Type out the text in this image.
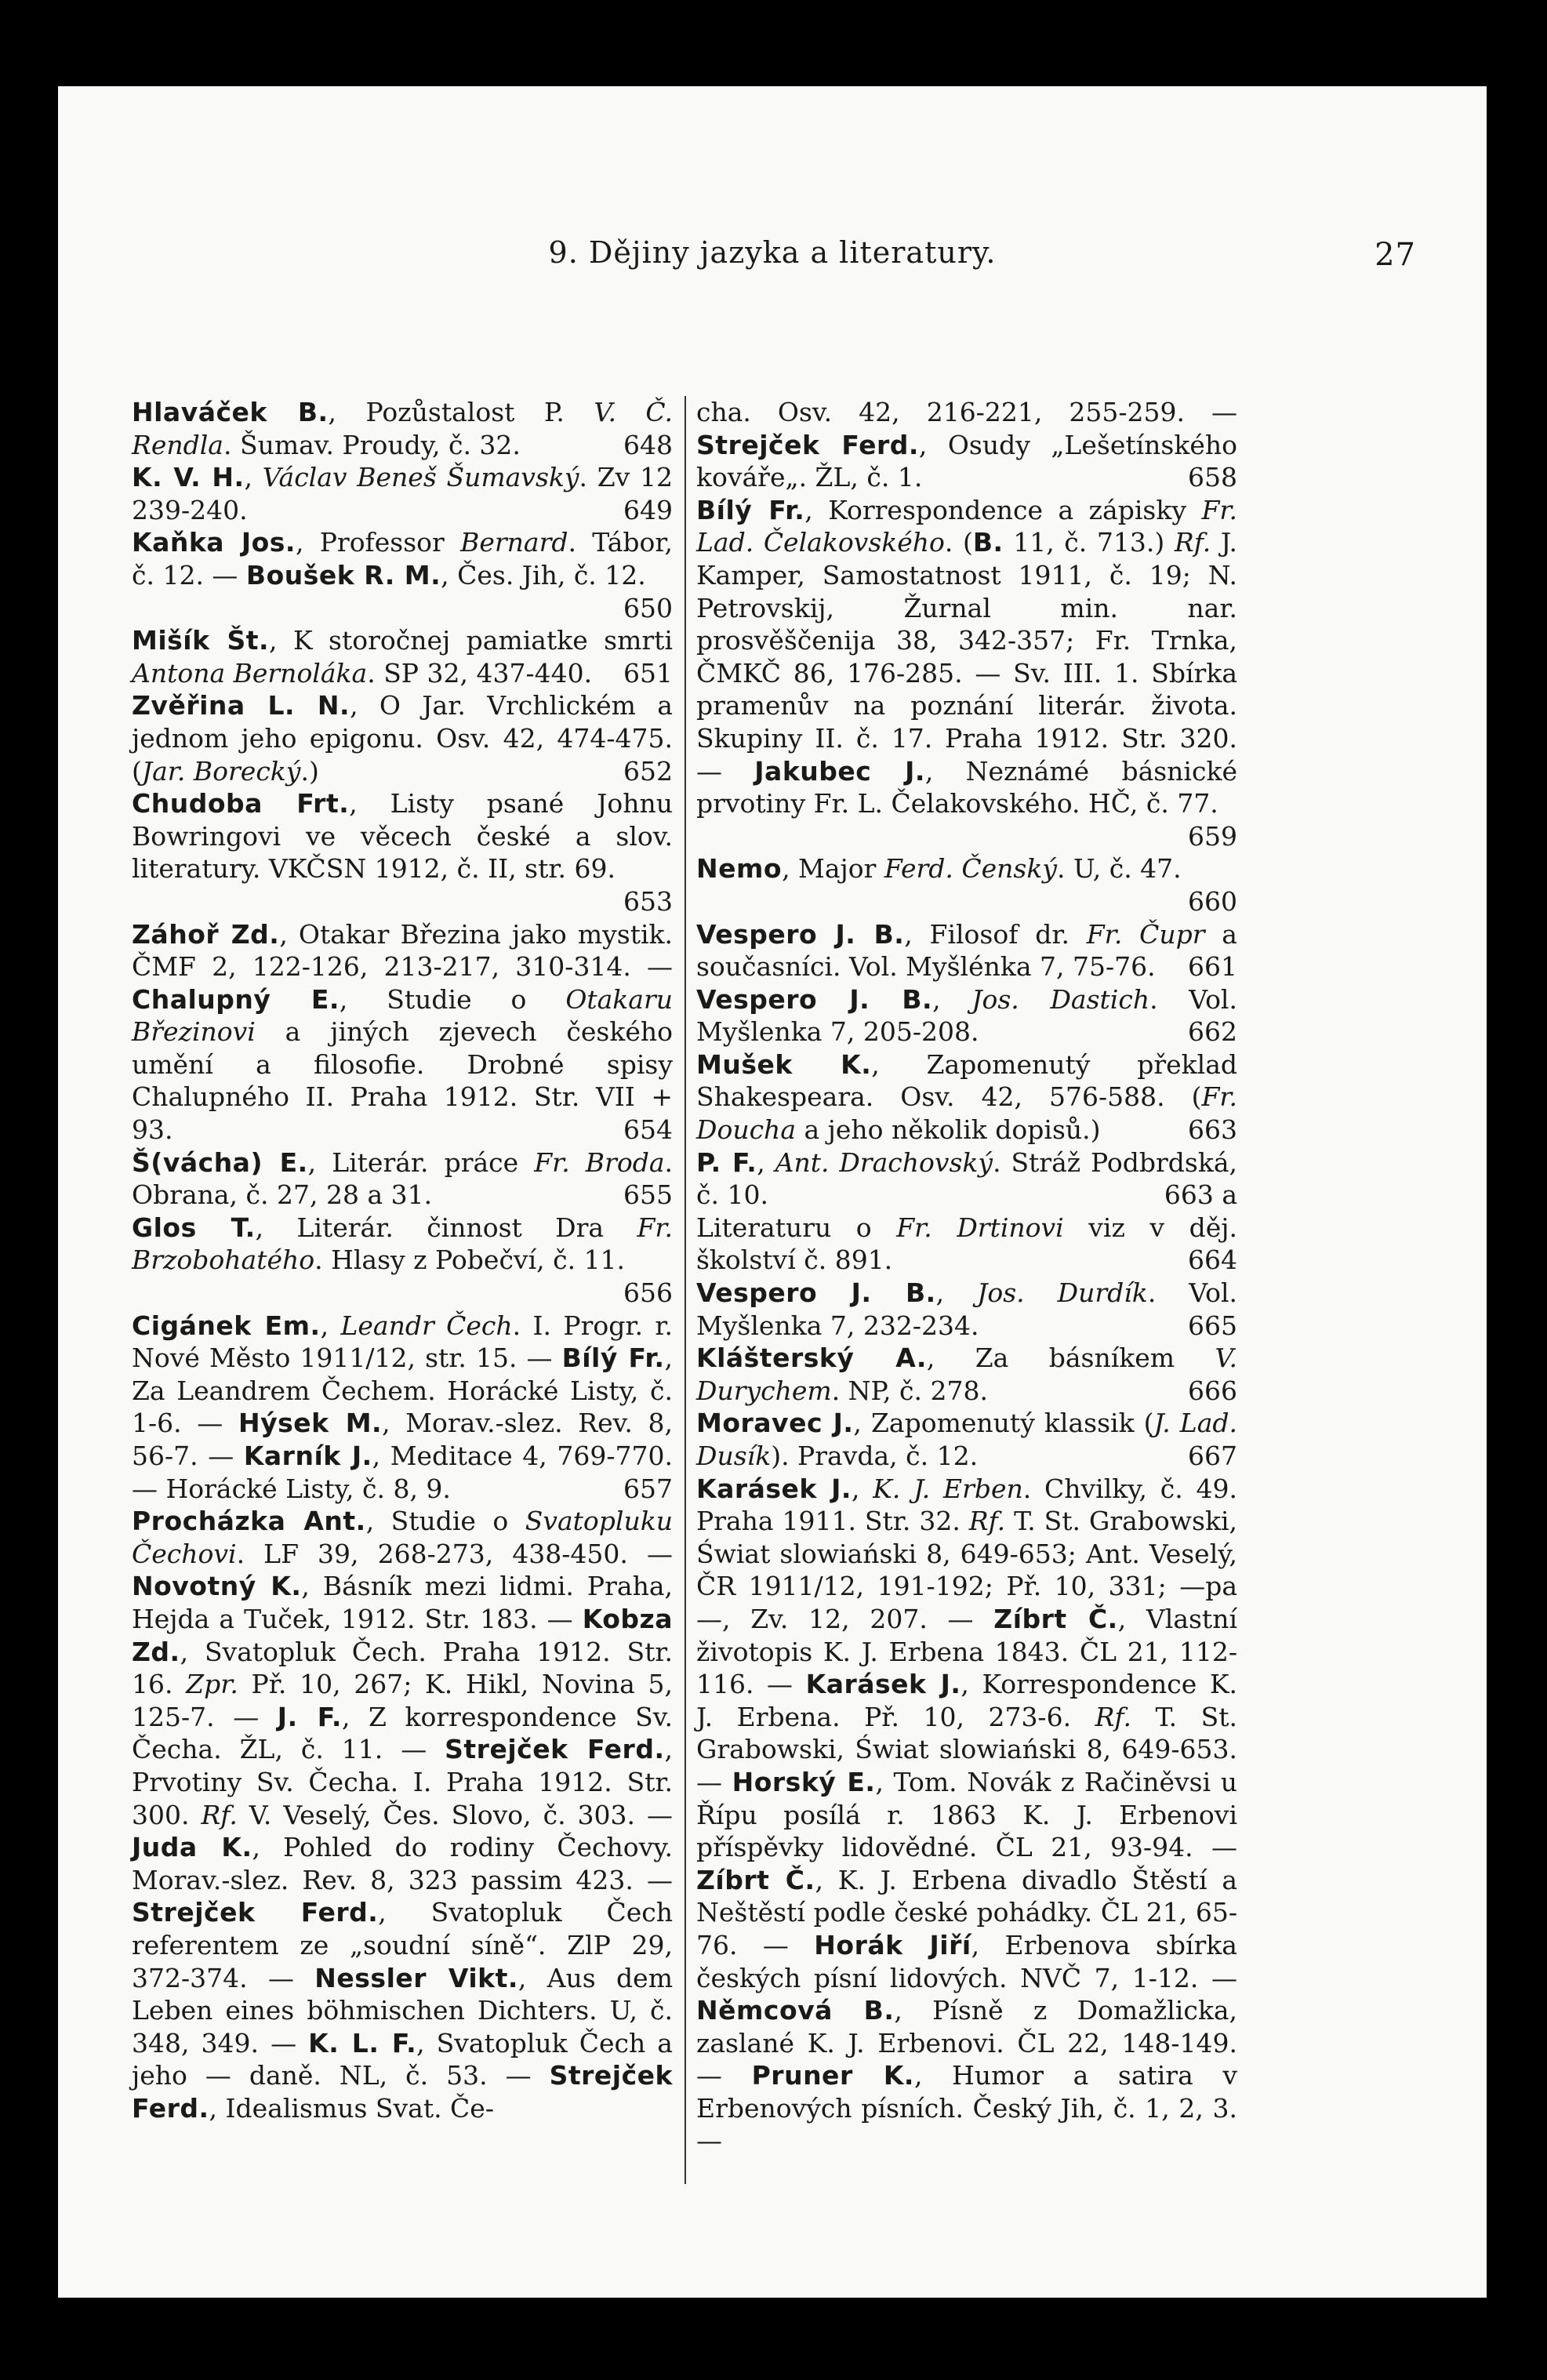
9. Dějiny jazyka a literatury.	27

Hlaváček B., Pozůstalost P. V. Č. Rendla. Šumav. Proudy, č. 32.	648

K. V. H., Václav Beneš Šumavský. Zv 12 239-240.	649

Kaňka Jos., Professor Bernard. Tábor, č. 12. — Boušek R. M., Čes. Jih, č. 12.
650

Mišík Št., K storočnej pamiatke smrti Antona Bernoláka. SP 32, 437-440. 651

Zvěřina L. N., O Jar. Vrchlickém a jednom jeho epigonu. Osv. 42, 474-475. (Jar. Borecký.)	652

Chudoba Frt., Listy psané Johnu Bowringovi ve věcech české a slov. literatury. VKČSN 1912, č. II, str. 69.
653

Záhoř Zd., Otakar Březina jako mystik. ČMF 2, 122-126, 213-217, 310-314. — Chalupný E., Studie o Otakaru Březinovi a jiných zjevech českého umění a filosofie. Drobné spisy Chalupného II. Praha 1912. Str. VII + 93.	654

Š(vácha) E., Literár. práce Fr. Broda. Obrana, č. 27, 28 a 31.	655

Glos T., Literár. činnost Dra Fr. Brzobohatého. Hlasy z Pobečví, č. 11.
656

Cigánek Em., Leandr Čech. I. Progr. r. Nové Město 1911/12, str. 15. — Bílý Fr., Za Leandrem Čechem. Horácké Listy, č. 1-6. — Hýsek M., Morav.-slez. Rev. 8, 56-7. — Karník J., Meditace 4, 769-770. — Horácké Listy, č. 8, 9.	657

Procházka Ant., Studie o Svatopluku Čechovi. LF 39, 268-273, 438-450. — Novotný K., Básník mezi lidmi. Praha, Hejda a Tuček, 1912. Str. 183. — Kobza Zd., Svatopluk Čech. Praha 1912. Str. 16. Zpr. Př. 10, 267; K. Hikl, Novina 5, 125-7. — J. F., Z korrespondence Sv. Čecha. ŽL, č. 11. — Strejček Ferd., Prvotiny Sv. Čecha. I. Praha 1912. Str. 300. Rf. V. Veselý, Čes. Slovo, č. 303. — Juda K., Pohled do rodiny Čechovy. Morav.-slez. Rev. 8, 323 passim 423. — Strejček Ferd., Svatopluk Čech referentem ze „soudní síně“. ZlP 29, 372-374. — Nessler Vikt., Aus dem Leben eines böhmischen Dichters. U, č. 348, 349. — K. L. F., Svatopluk Čech a jeho — daně. NL, č. 53. — Strejček Ferd., Idealismus Svat. Če-

cha. Osv. 42, 216-221, 255-259. — Strejček Ferd., Osudy „Lešetínského kováře„. ŽL, č. 1.	658

Bílý Fr., Korrespondence a zápisky Fr. Lad. Čelakovského. (B. 11, č. 713.) Rf. J. Kamper, Samostatnost 1911, č. 19; N. Petrovskij, Žurnal min. nar. prosvěščenija 38, 342-357; Fr. Trnka, ČMKČ 86, 176-285. — Sv. III. 1. Sbírka pramenův na poznání literár. života. Skupiny II. č. 17. Praha 1912. Str. 320. — Jakubec J., Neznámé básnické prvotiny Fr. L. Čelakovského. HČ, č. 77.
659

Nemo, Major Ferd. Čenský. U, č. 47.
660

Vespero J. B., Filosof dr. Fr. Čupr a současníci. Vol. Myšlénka 7, 75-76. 661

Vespero J. B., Jos. Dastich. Vol. Myšlenka 7, 205-208.	662

Mušek K., Zapomenutý překlad Shakespeara. Osv. 42, 576-588. (Fr. Doucha a jeho několik dopisů.)	663

P. F., Ant. Drachovský. Stráž Podbrdská, č. 10.	663 a

Literaturu o Fr. Drtinovi viz v děj. školství č. 891.	664

Vespero J. B., Jos. Durdík. Vol. Myšlenka 7, 232-234.	665

Klášterský A., Za básníkem V. Durychem. NP, č. 278.	666

Moravec J., Zapomenutý klassik (J. Lad. Dusík). Pravda, č. 12.	667

Karásek J., K. J. Erben. Chvilky, č. 49. Praha 1911. Str. 32. Rf. T. St. Grabowski, Świat slowiański 8, 649-653; Ant. Veselý, ČR 1911/12, 191-192; Př. 10, 331; —pa—, Zv. 12, 207. — Zíbrt Č., Vlastní životopis K. J. Erbena 1843. ČL 21, 112-116. — Karásek J., Korrespondence K. J. Erbena. Př. 10, 273-6. Rf. T. St. Grabowski, Świat slowiański 8, 649-653. — Horský E., Tom. Novák z Račiněvsi u Řípu posílá r. 1863 K. J. Erbenovi příspěvky lidovědné. ČL 21, 93-94. — Zíbrt Č., K. J. Erbena divadlo Štěstí a Neštěstí podle české pohádky. ČL 21, 65-76. — Horák Jiří, Erbenova sbírka českých písní lidových. NVČ 7, 1-12. — Němcová B., Písně z Domažlicka, zaslané K. J. Erbenovi. ČL 22, 148-149. — Pruner K., Humor a satira v Erbenových písních. Český Jih, č. 1, 2, 3. —
